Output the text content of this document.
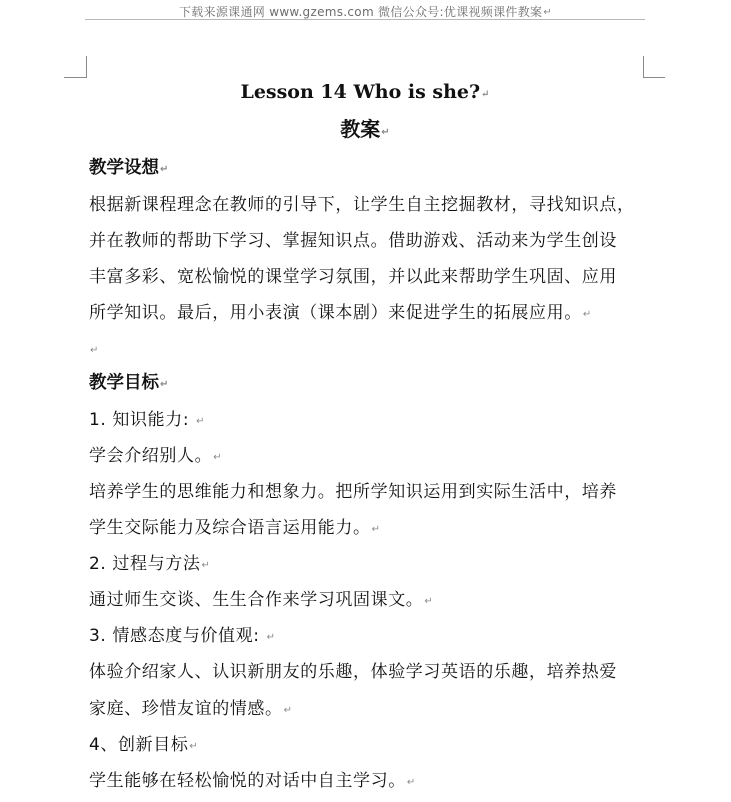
下载来源课通网 www.gzems.com 微信公众号:优课视频课件教案↵
Lesson 14 Who is she?↵
教案↵
教学设想↵
根据新课程理念在教师的引导下，让学生自主挖掘教材，寻找知识点，
并在教师的帮助下学习、掌握知识点。借助游戏、活动来为学生创设
丰富多彩、宽松愉悦的课堂学习氛围，并以此来帮助学生巩固、应用
所学知识。最后，用小表演（课本剧）来促进学生的拓展应用。↵
↵
教学目标↵
1. 知识能力: ↵
学会介绍别人。↵
培养学生的思维能力和想象力。把所学知识运用到实际生活中，培养
学生交际能力及综合语言运用能力。↵
2. 过程与方法↵
通过师生交谈、生生合作来学习巩固课文。↵
3. 情感态度与价值观: ↵
体验介绍家人、认识新朋友的乐趣，体验学习英语的乐趣，培养热爱
家庭、珍惜友谊的情感。↵
4、创新目标↵
学生能够在轻松愉悦的对话中自主学习。↵
